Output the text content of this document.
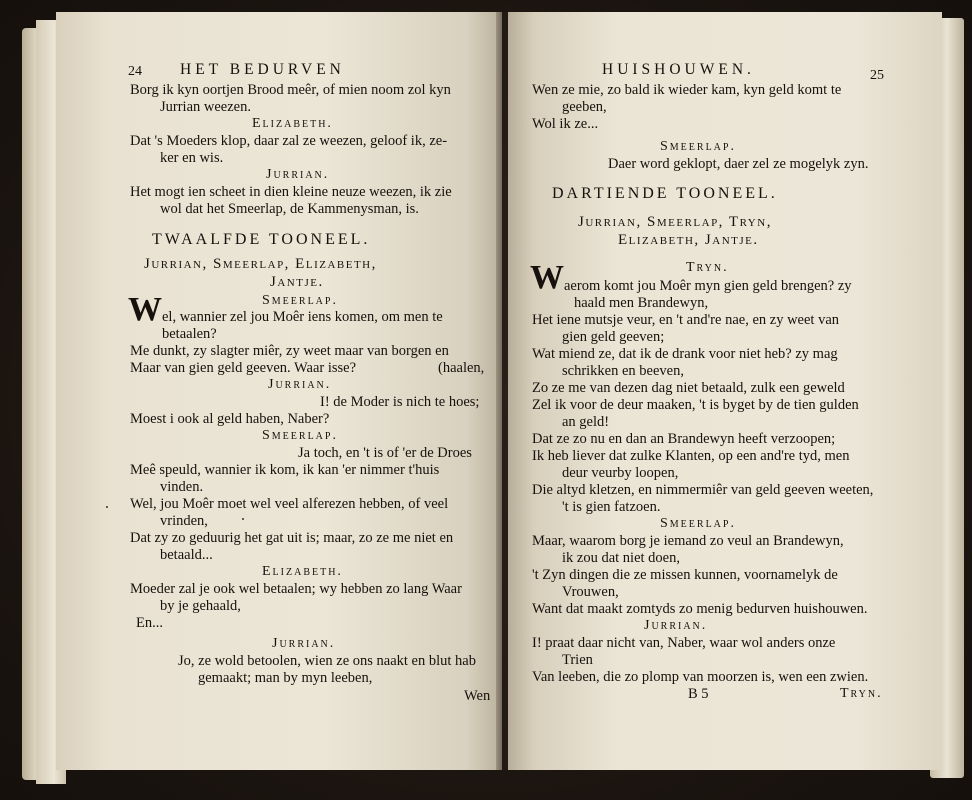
24 HET BEDURVEN
Borg ik kyn oortjen Brood meêr, of mien noom zol kyn
Jurrian weezen.
Elizabeth.
Dat 's Moeders klop, daar zal ze weezen, geloof ik, ze-
ker en wis.
Jurrian.
Het mogt ien scheet in dien kleine neuze weezen, ik zie
wol dat het Smeerlap, de Kammenysman, is.
TWAALFDE TOONEEL.
Jurrian, Smeerlap, Elizabeth,
Jantje.
Smeerlap.
W el, wannier zel jou Moêr iens komen, om men te
betaalen?
Me dunkt, zy slagter miêr, zy weet maar van borgen en
Maar van gien geld geeven. Waar isse?	(haalen,
Jurrian.
I! de Moder is nich te hoes;
Moest i ook al geld haben, Naber?
Smeerlap.
Ja toch, en 't is of 'er de Droes
Meê speuld, wannier ik kom, ik kan 'er nimmer t'huis
vinden.
Wel, jou Moêr moet wel veel alferezen hebben, of veel
vrinden,
Dat zy zo geduurig het gat uit is; maar, zo ze me niet en
betaald...
Elizabeth.
Moeder zal je ook wel betaalen; wy hebben zo lang Waar
by je gehaald,
En...
Jurrian.
Jo, ze wold betoolen, wien ze ons naakt en blut hab
gemaakt; man by myn leeben,
Wen
HUISHOUWEN.	25
Wen ze mie, zo bald ik wieder kam, kyn geld komt te
geeben,
Wol ik ze...
Smeerlap.
Daer word geklopt, daer zel ze mogelyk zyn.
DARTIENDE TOONEEL.
Jurrian, Smeerlap, Tryn,
Elizabeth, Jantje.
Tryn.
W aerom komt jou Moêr myn gien geld brengen? zy
haald men Brandewyn,
Het iene mutsje veur, en 't and're nae, en zy weet van
gien geld geeven;
Wat miend ze, dat ik de drank voor niet heb? zy mag
schrikken en beeven,
Zo ze me van dezen dag niet betaald, zulk een geweld
Zel ik voor de deur maaken, 't is byget by de tien gulden
an geld!
Dat ze zo nu en dan an Brandewyn heeft verzoopen;
Ik heb liever dat zulke Klanten, op een and're tyd, men
deur veurby loopen,
Die altyd kletzen, en nimmermiêr van geld geeven weeten,
't is gien fatzoen.
Smeerlap.
Maar, waarom borg je iemand zo veul an Brandewyn,
ik zou dat niet doen,
't Zyn dingen die ze missen kunnen, voornamelyk de
Vrouwen,
Want dat maakt zomtyds zo menig bedurven huishouwen.
Jurrian.
I! praat daar nicht van, Naber, waar wol anders onze
Trien
Van leeben, die zo plomp van moorzen is, wen een zwien.
B 5	Tryn.
